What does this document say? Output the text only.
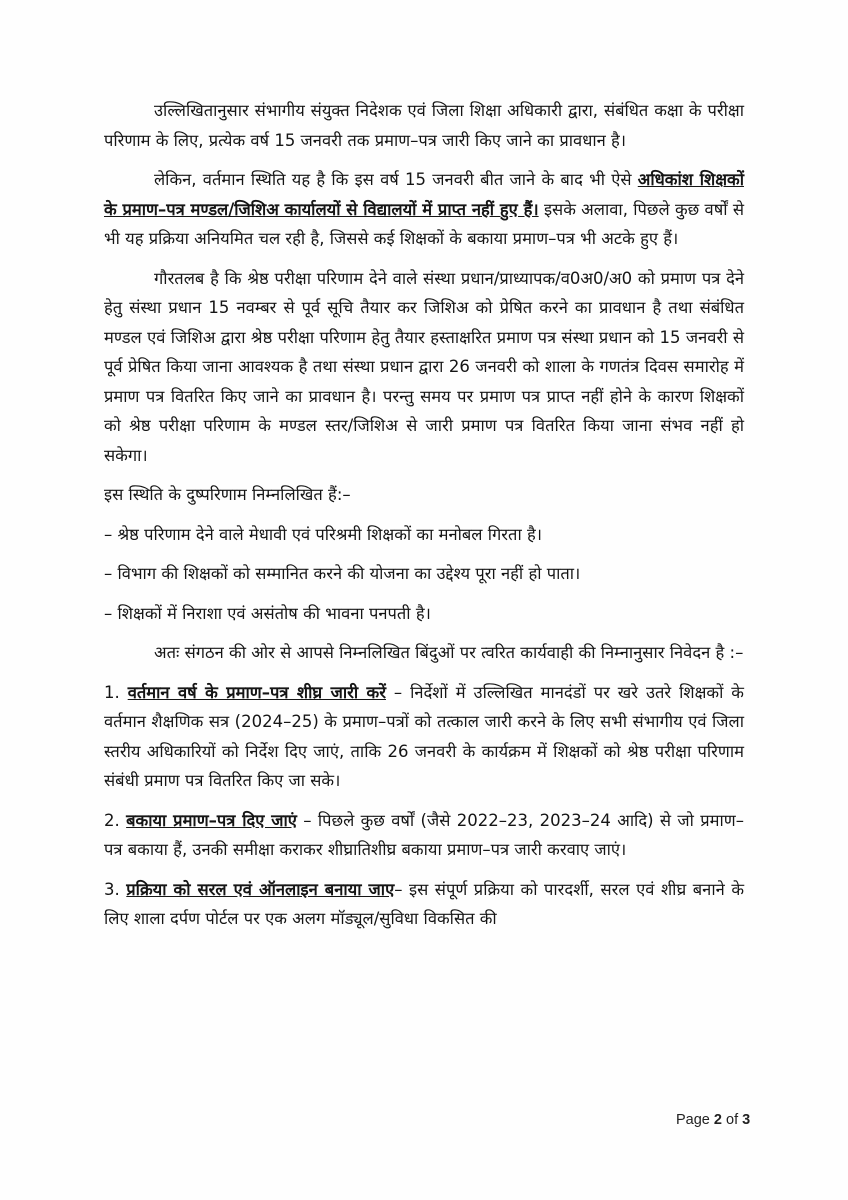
उल्लिखितानुसार संभागीय संयुक्त निदेशक एवं जिला शिक्षा अधिकारी द्वारा, संबंधित कक्षा के परीक्षा परिणाम के लिए, प्रत्येक वर्ष 15 जनवरी तक प्रमाण–पत्र जारी किए जाने का प्रावधान है।

लेकिन, वर्तमान स्थिति यह है कि इस वर्ष 15 जनवरी बीत जाने के बाद भी ऐसे अधिकांश शिक्षकों के प्रमाण–पत्र मण्डल/जिशिअ कार्यालयों से विद्यालयों में प्राप्त नहीं हुए हैं। इसके अलावा, पिछले कुछ वर्षों से भी यह प्रक्रिया अनियमित चल रही है, जिससे कई शिक्षकों के बकाया प्रमाण–पत्र भी अटके हुए हैं।

गौरतलब है कि श्रेष्ठ परीक्षा परिणाम देने वाले संस्था प्रधान/प्राध्यापक/व0अ0/अ0 को प्रमाण पत्र देने हेतु संस्था प्रधान 15 नवम्बर से पूर्व सूचि तैयार कर जिशिअ को प्रेषित करने का प्रावधान है तथा संबंधित मण्डल एवं जिशिअ द्वारा श्रेष्ठ परीक्षा परिणाम हेतु तैयार हस्ताक्षरित प्रमाण पत्र संस्था प्रधान को 15 जनवरी से पूर्व प्रेषित किया जाना आवश्यक है तथा संस्था प्रधान द्वारा 26 जनवरी को शाला के गणतंत्र दिवस समारोह में प्रमाण पत्र वितरित किए जाने का प्रावधान है। परन्तु समय पर प्रमाण पत्र प्राप्त नहीं होने के कारण शिक्षकों को श्रेष्ठ परीक्षा परिणाम के मण्डल स्तर/जिशिअ से जारी प्रमाण पत्र वितरित किया जाना संभव नहीं हो सकेगा।

इस स्थिति के दुष्परिणाम निम्नलिखित हैं:–

– श्रेष्ठ परिणाम देने वाले मेधावी एवं परिश्रमी शिक्षकों का मनोबल गिरता है।

– विभाग की शिक्षकों को सम्मानित करने की योजना का उद्देश्य पूरा नहीं हो पाता।

– शिक्षकों में निराशा एवं असंतोष की भावना पनपती है।

अतः संगठन की ओर से आपसे निम्नलिखित बिंदुओं पर त्वरित कार्यवाही की निम्नानुसार निवेदन है :–

1. वर्तमान वर्ष के प्रमाण–पत्र शीघ्र जारी करें – निर्देशों में उल्लिखित मानदंडों पर खरे उतरे शिक्षकों के वर्तमान शैक्षणिक सत्र (2024–25) के प्रमाण–पत्रों को तत्काल जारी करने के लिए सभी संभागीय एवं जिला स्तरीय अधिकारियों को निर्देश दिए जाएं, ताकि 26 जनवरी के कार्यक्रम में शिक्षकों को श्रेष्ठ परीक्षा परिणाम संबंधी प्रमाण पत्र वितरित किए जा सके।

2. बकाया प्रमाण–पत्र दिए जाएं – पिछले कुछ वर्षों (जैसे 2022–23, 2023–24 आदि) से जो प्रमाण–पत्र बकाया हैं, उनकी समीक्षा कराकर शीघ्रातिशीघ्र बकाया प्रमाण–पत्र जारी करवाए जाएं।

3. प्रक्रिया को सरल एवं ऑनलाइन बनाया जाए– इस संपूर्ण प्रक्रिया को पारदर्शी, सरल एवं शीघ्र बनाने के लिए शाला दर्पण पोर्टल पर एक अलग मॉड्यूल/सुविधा विकसित की

Page 2 of 3
